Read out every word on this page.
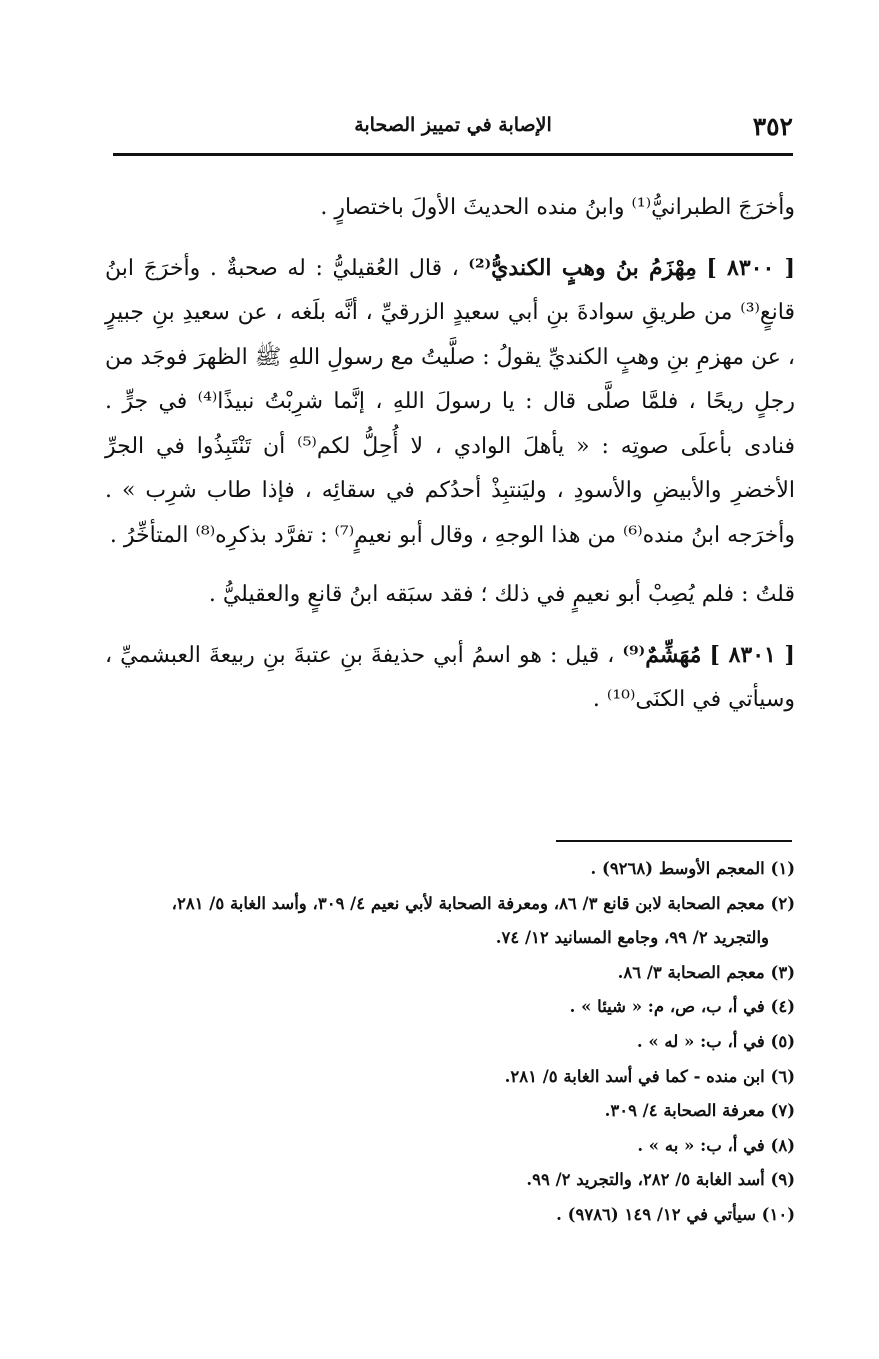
٣٥٢
الإصابة في تمييز الصحابة

وأخرَجَ الطبرانيُّ⁽¹⁾ وابنُ منده الحديثَ الأولَ باختصارٍ .

[ ٨٣٠٠ ] مِهْزَمُ بنُ وهبٍ الكنديُّ⁽²⁾ ، قال العُقيليُّ : له صحبةٌ . وأخرَجَ ابنُ قانعٍ⁽³⁾ من طريقِ سوادةَ بنِ أبي سعيدٍ الزرقيِّ ، أنَّه بلَغه ، عن سعيدِ بنِ جبيرٍ ، عن مهزمِ بنِ وهبٍ الكنديِّ يقولُ : صلَّيتُ مع رسولِ اللهِ ﷺ الظهرَ فوجَد من رجلٍ ريحًا ، فلمَّا صلَّى قال : يا رسولَ اللهِ ، إنَّما شرِبْتُ نبيذًا⁽⁴⁾ في جرٍّ . فنادى بأعلَى صوتِه : « يأهلَ الوادي ، لا أُحِلُّ لكم⁽⁵⁾ أن تَنْتَبِذُوا في الجرِّ الأخضرِ والأبيضِ والأسودِ ، وليَنتبِذْ أحدُكم في سقائِه ، فإذا طاب شرِب » . وأخرَجه ابنُ منده⁽⁶⁾ من هذا الوجهِ ، وقال أبو نعيمٍ⁽⁷⁾ : تفرَّد بذكرِه⁽⁸⁾ المتأخِّرُ .

قلتُ : فلم يُصِبْ أبو نعيمٍ في ذلك ؛ فقد سبَقه ابنُ قانعٍ والعقيليُّ .

[ ٨٣٠١ ] مُهَشِّمٌ⁽⁹⁾ ، قيل : هو اسمُ أبي حذيفةَ بنِ عتبةَ بنِ ربيعةَ العبشميِّ ، وسيأتي في الكنَى⁽¹⁰⁾ .

(١) المعجم الأوسط (٩٢٦٨) .

(٢) معجم الصحابة لابن قانع ٣/ ٨٦، ومعرفة الصحابة لأبي نعيم ٤/ ٣٠٩، وأسد الغابة ٥/ ٢٨١،

والتجريد ٢/ ٩٩، وجامع المسانيد ١٢/ ٧٤.

(٣) معجم الصحابة ٣/ ٨٦.

(٤) في أ، ب، ص، م: « شيئا » .

(٥) في أ، ب: « له » .

(٦) ابن منده - كما في أسد الغابة ٥/ ٢٨١.

(٧) معرفة الصحابة ٤/ ٣٠٩.

(٨) في أ، ب: « به » .

(٩) أسد الغابة ٥/ ٢٨٢، والتجريد ٢/ ٩٩.

(١٠) سيأتي في ١٢/ ١٤٩ (٩٧٨٦) .
